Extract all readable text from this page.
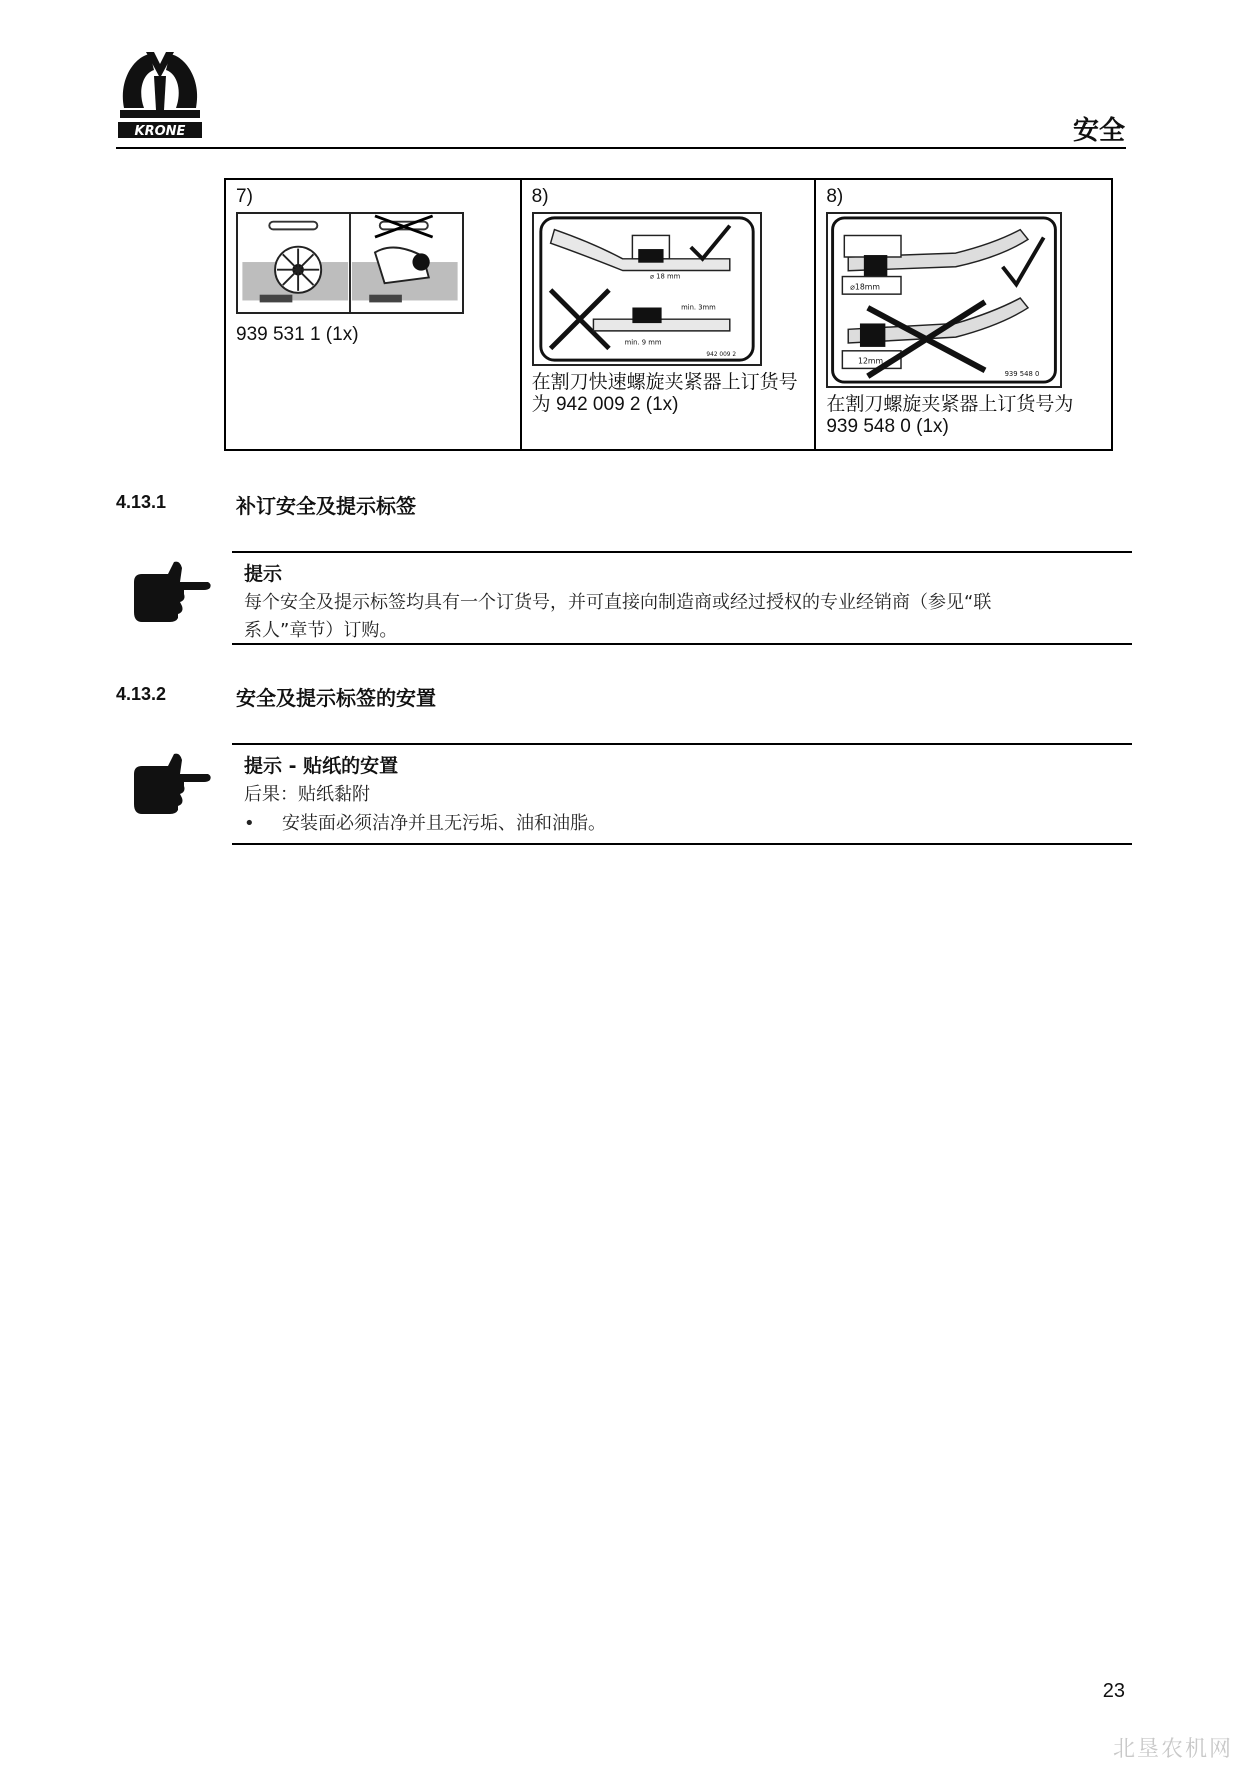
KRONE	安全
7)
939 531 1 (1x)
8)
⌀ 18 mm
min. 3mm
min. 9 mm
942 009 2
在割刀快速螺旋夹紧器上订货号为 942 009 2 (1x)
8)
⌀18mm
12mm
939 548 0
在割刀螺旋夹紧器上订货号为 939 548 0 (1x)
4.13.1	补订安全及提示标签
提示
每个安全及提示标签均具有一个订货号，并可直接向制造商或经过授权的专业经销商（参见“联
系人”章节）订购。
4.13.2	安全及提示标签的安置
提示 - 贴纸的安置
后果：贴纸黏附
•	安装面必须洁净并且无污垢、油和油脂。
23
北垦农机网
